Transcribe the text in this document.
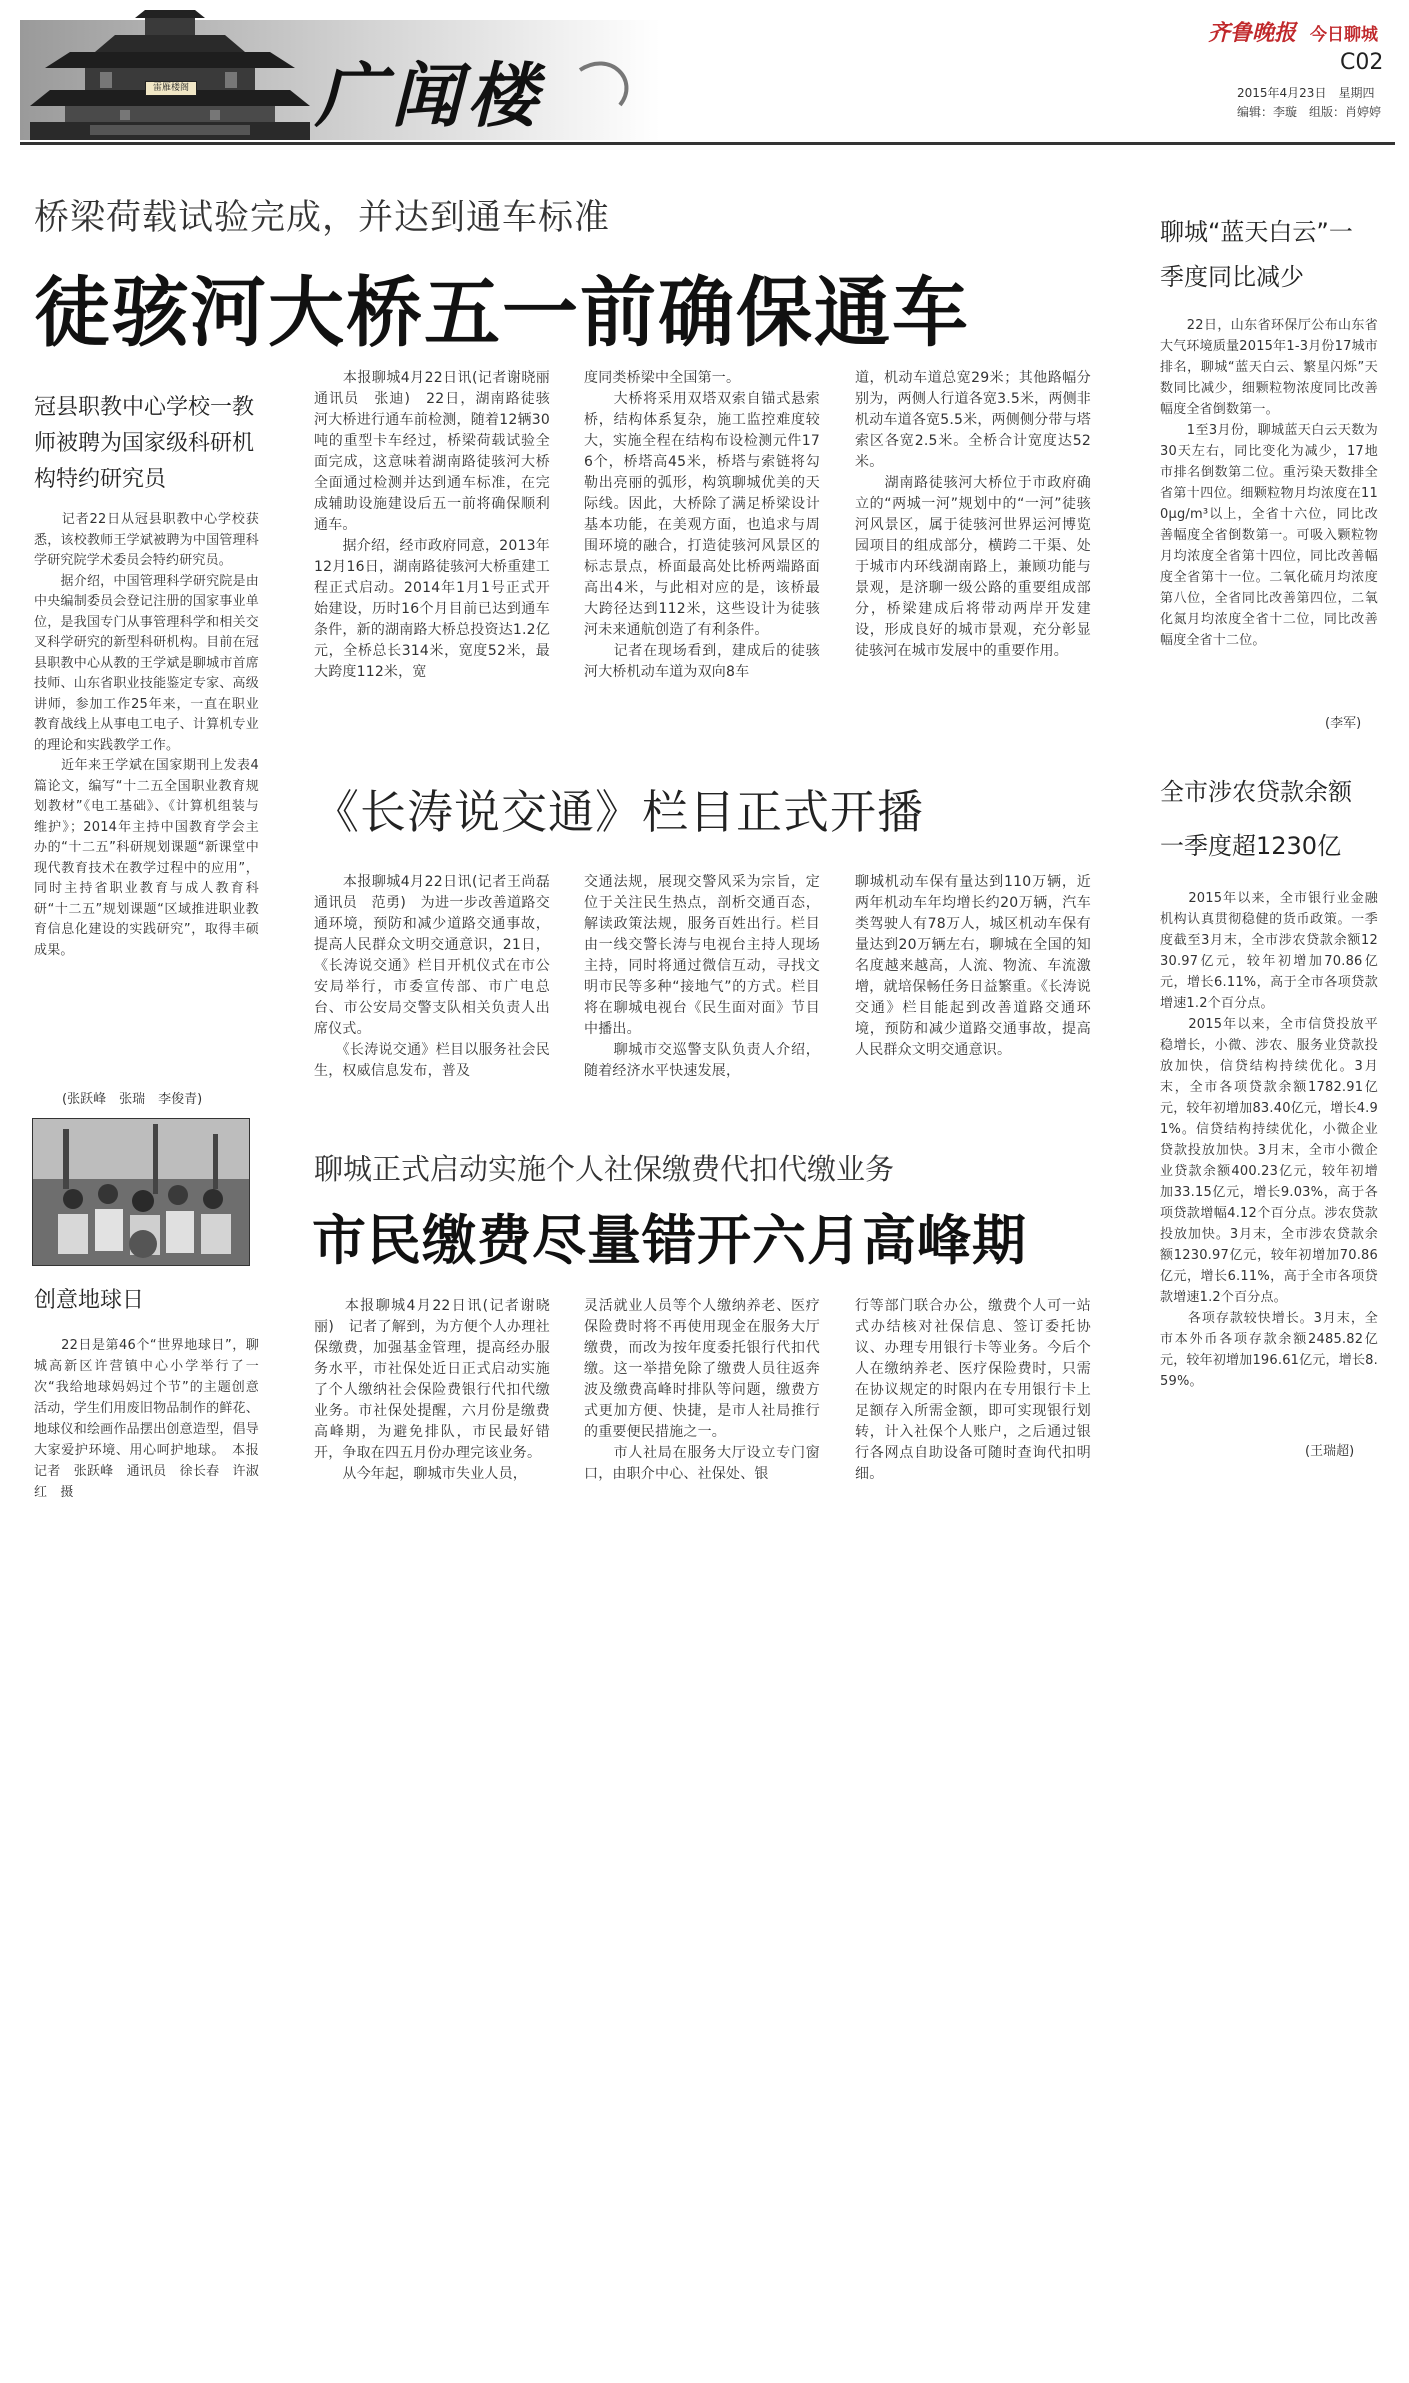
雷雁楼阁 广闻楼
齐鲁晚报 今日聊城
C02
2015年4月23日　星期四
编辑：李璇　组版：肖婷婷
桥梁荷载试验完成，并达到通车标准
徒骇河大桥五一前确保通车
　　本报聊城4月22日讯(记者谢晓丽　通讯员　张迪)　22日，湖南路徒骇河大桥进行通车前检测，随着12辆30吨的重型卡车经过，桥梁荷载试验全面完成，这意味着湖南路徒骇河大桥全面通过检测并达到通车标准，在完成辅助设施建设后五一前将确保顺利通车。
　　据介绍，经市政府同意，2013年12月16日，湖南路徒骇河大桥重建工程正式启动。2014年1月1号正式开始建设，历时16个月目前已达到通车条件，新的湖南路大桥总投资达1.2亿元，全桥总长314米，宽度52米，最大跨度112米，宽
度同类桥梁中全国第一。
　　大桥将采用双塔双索自锚式悬索桥，结构体系复杂，施工监控难度较大，实施全程在结构布设检测元件176个，桥塔高45米，桥塔与索链将勾勒出亮丽的弧形，构筑聊城优美的天际线。因此，大桥除了满足桥梁设计基本功能，在美观方面，也追求与周围环境的融合，打造徒骇河风景区的标志景点，桥面最高处比桥两端路面高出4米，与此相对应的是，该桥最大跨径达到112米，这些设计为徒骇河未来通航创造了有利条件。
　　记者在现场看到，建成后的徒骇河大桥机动车道为双向8车
道，机动车道总宽29米；其他路幅分别为，两侧人行道各宽3.5米，两侧非机动车道各宽5.5米，两侧侧分带与塔索区各宽2.5米。全桥合计宽度达52米。
　　湖南路徒骇河大桥位于市政府确立的“两城一河”规划中的“一河”徒骇河风景区，属于徒骇河世界运河博览园项目的组成部分，横跨二干渠、处于城市内环线湖南路上，兼顾功能与景观，是济聊一级公路的重要组成部分，桥梁建成后将带动两岸开发建设，形成良好的城市景观，充分彰显徒骇河在城市发展中的重要作用。
冠县职教中心学校一教师被聘为国家级科研机构特约研究员
　　记者22日从冠县职教中心学校获悉，该校教师王学斌被聘为中国管理科学研究院学术委员会特约研究员。
　　据介绍，中国管理科学研究院是由中央编制委员会登记注册的国家事业单位，是我国专门从事管理科学和相关交叉科学研究的新型科研机构。目前在冠县职教中心从教的王学斌是聊城市首席技师、山东省职业技能鉴定专家、高级讲师，参加工作25年来，一直在职业教育战线上从事电工电子、计算机专业的理论和实践教学工作。
　　近年来王学斌在国家期刊上发表4篇论文，编写“十二五全国职业教育规划教材”《电工基础》、《计算机组装与维护》；2014年主持中国教育学会主办的“十二五”科研规划课题“新课堂中现代教育技术在教学过程中的应用”，同时主持省职业教育与成人教育科研“十二五”规划课题“区域推进职业教育信息化建设的实践研究”，取得丰硕成果。
(张跃峰　张瑞　李俊青)
创意地球日
　　22日是第46个“世界地球日”，聊城高新区许营镇中心小学举行了一次“我给地球妈妈过个节”的主题创意活动，学生们用废旧物品制作的鲜花、地球仪和绘画作品摆出创意造型，倡导大家爱护环境、用心呵护地球。　本报记者　张跃峰　通讯员　徐长春　许淑红　摄
《长涛说交通》栏目正式开播
　　本报聊城4月22日讯(记者王尚磊　通讯员　范勇)　为进一步改善道路交通环境，预防和减少道路交通事故，提高人民群众文明交通意识，21日，《长涛说交通》栏目开机仪式在市公安局举行，市委宣传部、市广电总台、市公安局交警支队相关负责人出席仪式。
　　《长涛说交通》栏目以服务社会民生，权威信息发布，普及
交通法规，展现交警风采为宗旨，定位于关注民生热点，剖析交通百态，解读政策法规，服务百姓出行。栏目由一线交警长涛与电视台主持人现场主持，同时将通过微信互动，寻找文明市民等多种“接地气”的方式。栏目将在聊城电视台《民生面对面》节目中播出。
　　聊城市交巡警支队负责人介绍，随着经济水平快速发展，
聊城机动车保有量达到110万辆，近两年机动车年均增长约20万辆，汽车类驾驶人有78万人，城区机动车保有量达到20万辆左右，聊城在全国的知名度越来越高，人流、物流、车流激增，就培保畅任务日益繁重。《长涛说交通》栏目能起到改善道路交通环境，预防和减少道路交通事故，提高人民群众文明交通意识。
聊城正式启动实施个人社保缴费代扣代缴业务
市民缴费尽量错开六月高峰期
　　本报聊城4月22日讯(记者谢晓丽)　记者了解到，为方便个人办理社保缴费，加强基金管理，提高经办服务水平，市社保处近日正式启动实施了个人缴纳社会保险费银行代扣代缴业务。市社保处提醒，六月份是缴费高峰期，为避免排队，市民最好错开，争取在四五月份办理完该业务。
　　从今年起，聊城市失业人员，
灵活就业人员等个人缴纳养老、医疗保险费时将不再使用现金在服务大厅缴费，而改为按年度委托银行代扣代缴。这一举措免除了缴费人员往返奔波及缴费高峰时排队等问题，缴费方式更加方便、快捷，是市人社局推行的重要便民措施之一。
　　市人社局在服务大厅设立专门窗口，由职介中心、社保处、银
行等部门联合办公，缴费个人可一站式办结核对社保信息、签订委托协议、办理专用银行卡等业务。今后个人在缴纳养老、医疗保险费时，只需在协议规定的时限内在专用银行卡上足额存入所需金额，即可实现银行划转，计入社保个人账户，之后通过银行各网点自助设备可随时查询代扣明细。
聊城“蓝天白云”一季度同比减少
　　22日，山东省环保厅公布山东省大气环境质量2015年1-3月份17城市排名，聊城“蓝天白云、繁星闪烁”天数同比减少，细颗粒物浓度同比改善幅度全省倒数第一。
　　1至3月份，聊城蓝天白云天数为30天左右，同比变化为减少，17地市排名倒数第二位。重污染天数排全省第十四位。细颗粒物月均浓度在110μg/m³以上，全省十六位，同比改善幅度全省倒数第一。可吸入颗粒物月均浓度全省第十四位，同比改善幅度全省第十一位。二氧化硫月均浓度第八位，全省同比改善第四位，二氧化氮月均浓度全省十二位，同比改善幅度全省十二位。
(李军)
全市涉农贷款余额一季度超1230亿
　　2015年以来，全市银行业金融机构认真贯彻稳健的货币政策。一季度截至3月末，全市涉农贷款余额1230.97亿元，较年初增加70.86亿元，增长6.11%，高于全市各项贷款增速1.2个百分点。
　　2015年以来，全市信贷投放平稳增长，小微、涉农、服务业贷款投放加快，信贷结构持续优化。3月末，全市各项贷款余额1782.91亿元，较年初增加83.40亿元，增长4.91%。信贷结构持续优化，小微企业贷款投放加快。3月末，全市小微企业贷款余额400.23亿元，较年初增加33.15亿元，增长9.03%，高于各项贷款增幅4.12个百分点。涉农贷款投放加快。3月末，全市涉农贷款余额1230.97亿元，较年初增加70.86亿元，增长6.11%，高于全市各项贷款增速1.2个百分点。
　　各项存款较快增长。3月末，全市本外币各项存款余额2485.82亿元，较年初增加196.61亿元，增长8.59%。
(王瑞超)
